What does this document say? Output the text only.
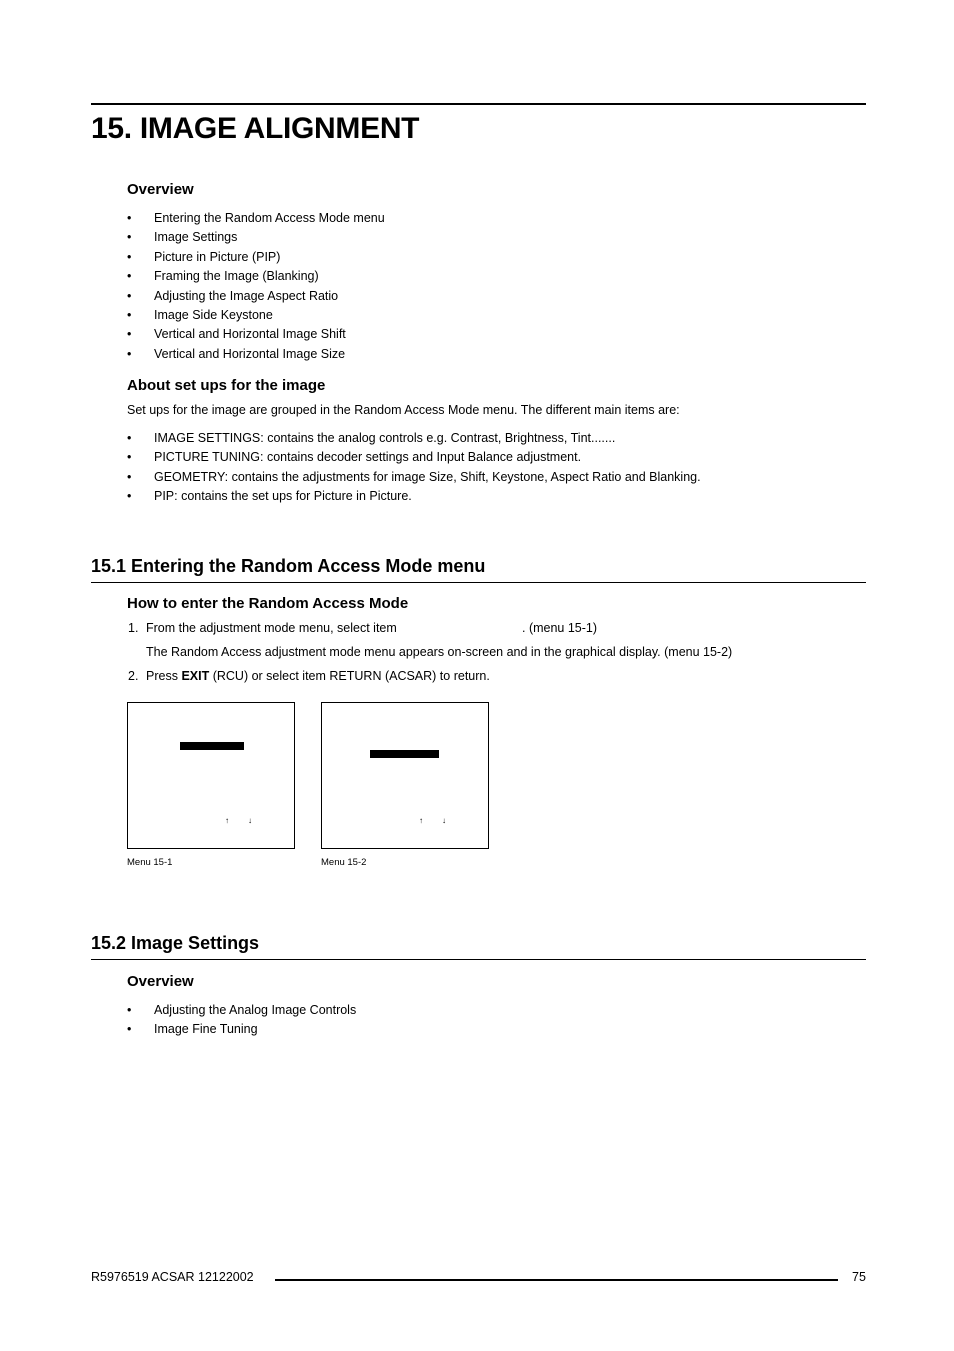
15. IMAGE ALIGNMENT
Overview
• Entering the Random Access Mode menu
• Image Settings
• Picture in Picture (PIP)
• Framing the Image (Blanking)
• Adjusting the Image Aspect Ratio
• Image Side Keystone
• Vertical and Horizontal Image Shift
• Vertical and Horizontal Image Size
About set ups for the image
Set ups for the image are grouped in the Random Access Mode menu. The different main items are:
• IMAGE SETTINGS: contains the analog controls e.g. Contrast, Brightness, Tint.......
• PICTURE TUNING: contains decoder settings and Input Balance adjustment.
• GEOMETRY: contains the adjustments for image Size, Shift, Keystone, Aspect Ratio and Blanking.
• PIP: contains the set ups for Picture in Picture.
15.1 Entering the Random Access Mode menu
How to enter the Random Access Mode
1. From the adjustment mode menu, select item	. (menu 15-1)
The Random Access adjustment mode menu appears on-screen and in the graphical display. (menu 15-2)
2. Press EXIT (RCU) or select item RETURN (ACSAR) to return.
↑ ↓
Menu 15-1
↑ ↓
Menu 15-2
15.2 Image Settings
Overview
• Adjusting the Analog Image Controls
• Image Fine Tuning
R5976519 ACSAR 12122002	75
